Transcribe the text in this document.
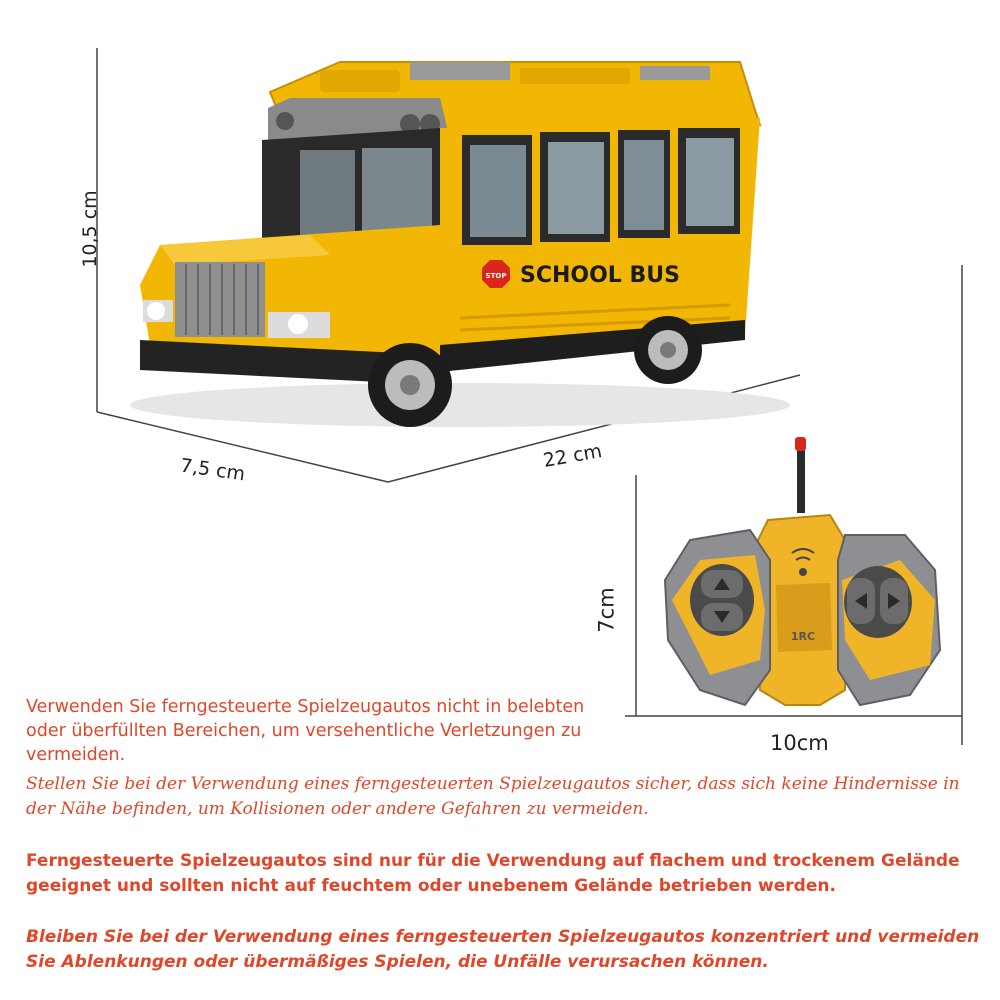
STOP SCHOOL BUS
1RC
10,5 cm
7,5 cm	22 cm
7cm
10cm
Verwenden Sie ferngesteuerte Spielzeugautos nicht in belebten oder überfüllten Bereichen, um versehentliche Verletzungen zu vermeiden.
Stellen Sie bei der Verwendung eines ferngesteuerten Spielzeugautos sicher, dass sich keine Hindernisse in der Nähe befinden, um Kollisionen oder andere Gefahren zu vermeiden.
Ferngesteuerte Spielzeugautos sind nur für die Verwendung auf flachem und trockenem Gelände geeignet und sollten nicht auf feuchtem oder unebenem Gelände betrieben werden.
Bleiben Sie bei der Verwendung eines ferngesteuerten Spielzeugautos konzentriert und vermeiden Sie Ablenkungen oder übermäßiges Spielen, die Unfälle verursachen können.
